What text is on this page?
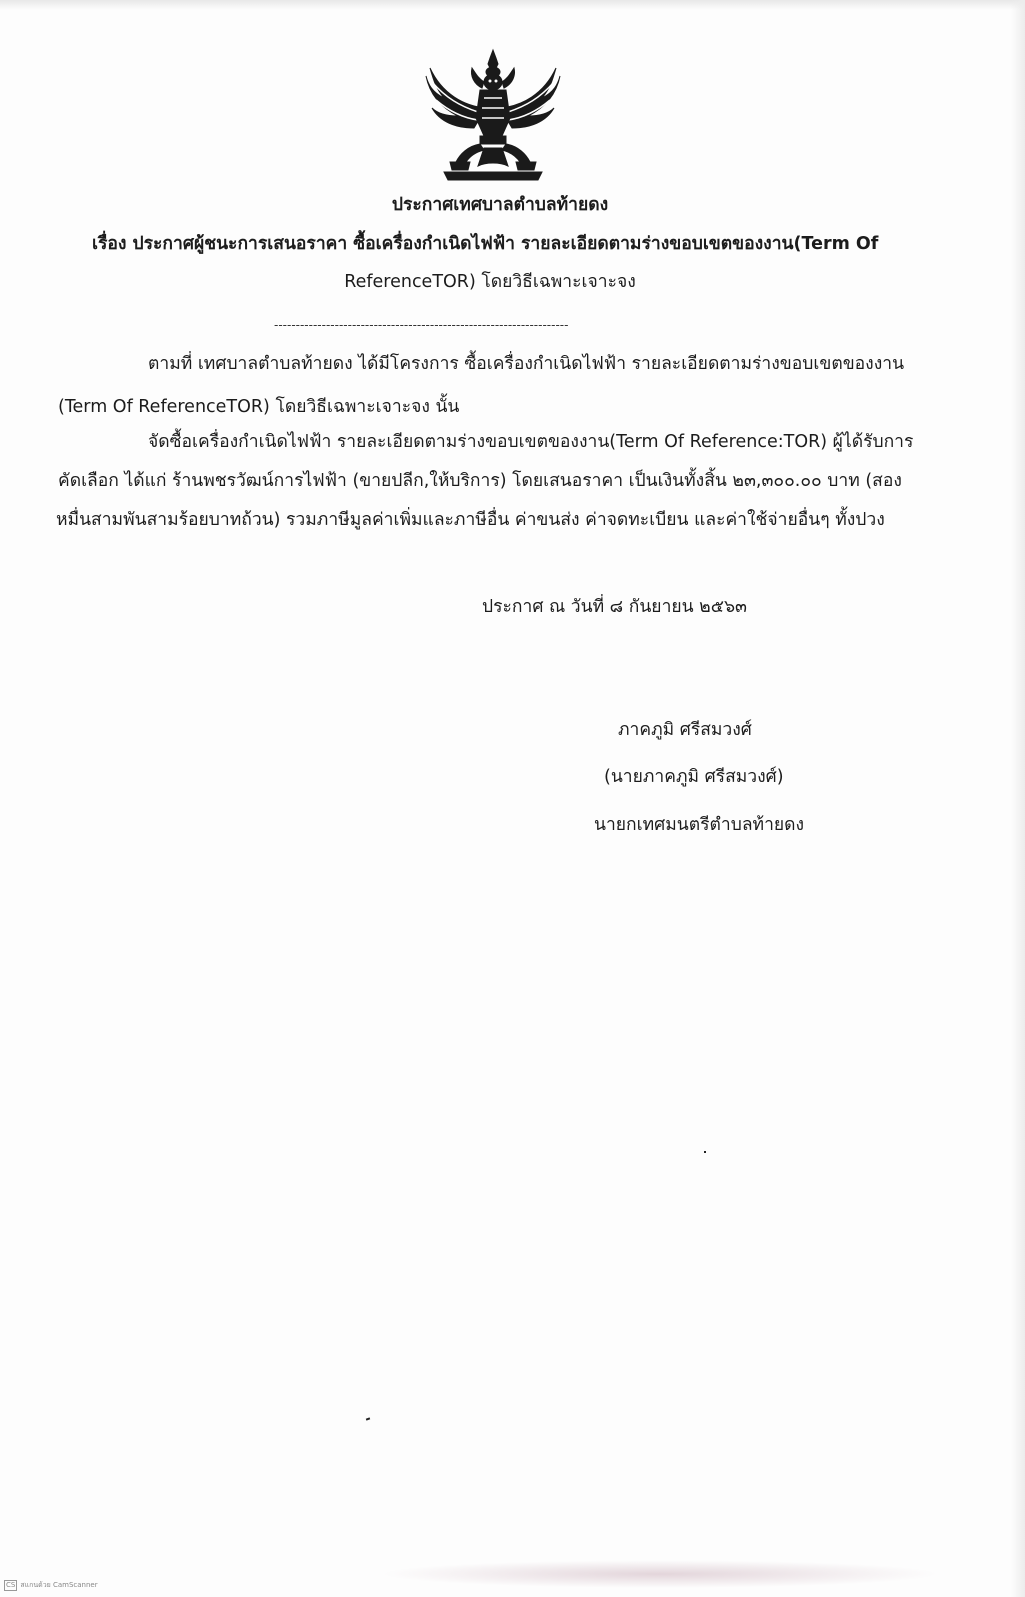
ประกาศเทศบาลตำบลท้ายดง
เรื่อง ประกาศผู้ชนะการเสนอราคา ซื้อเครื่องกำเนิดไฟฟ้า รายละเอียดตามร่างขอบเขตของงาน(Term Of
ReferenceTOR) โดยวิธีเฉพาะเจาะจง
--------------------------------------------------------------------
ตามที่ เทศบาลตำบลท้ายดง ได้มีโครงการ ซื้อเครื่องกำเนิดไฟฟ้า รายละเอียดตามร่างขอบเขตของงาน
(Term Of ReferenceTOR) โดยวิธีเฉพาะเจาะจง นั้น
จัดซื้อเครื่องกำเนิดไฟฟ้า รายละเอียดตามร่างขอบเขตของงาน(Term Of Reference:TOR) ผู้ได้รับการ
คัดเลือก ได้แก่ ร้านพชรวัฒน์การไฟฟ้า (ขายปลีก,ให้บริการ) โดยเสนอราคา เป็นเงินทั้งสิ้น ๒๓,๓๐๐.๐๐ บาท (สอง
หมื่นสามพันสามร้อยบาทถ้วน) รวมภาษีมูลค่าเพิ่มและภาษีอื่น ค่าขนส่ง ค่าจดทะเบียน และค่าใช้จ่ายอื่นๆ ทั้งปวง
ประกาศ ณ วันที่ ๘ กันยายน ๒๕๖๓
ภาคภูมิ ศรีสมวงศ์
(นายภาคภูมิ ศรีสมวงศ์)
นายกเทศมนตรีตำบลท้ายดง
CS สแกนด้วย CamScanner
